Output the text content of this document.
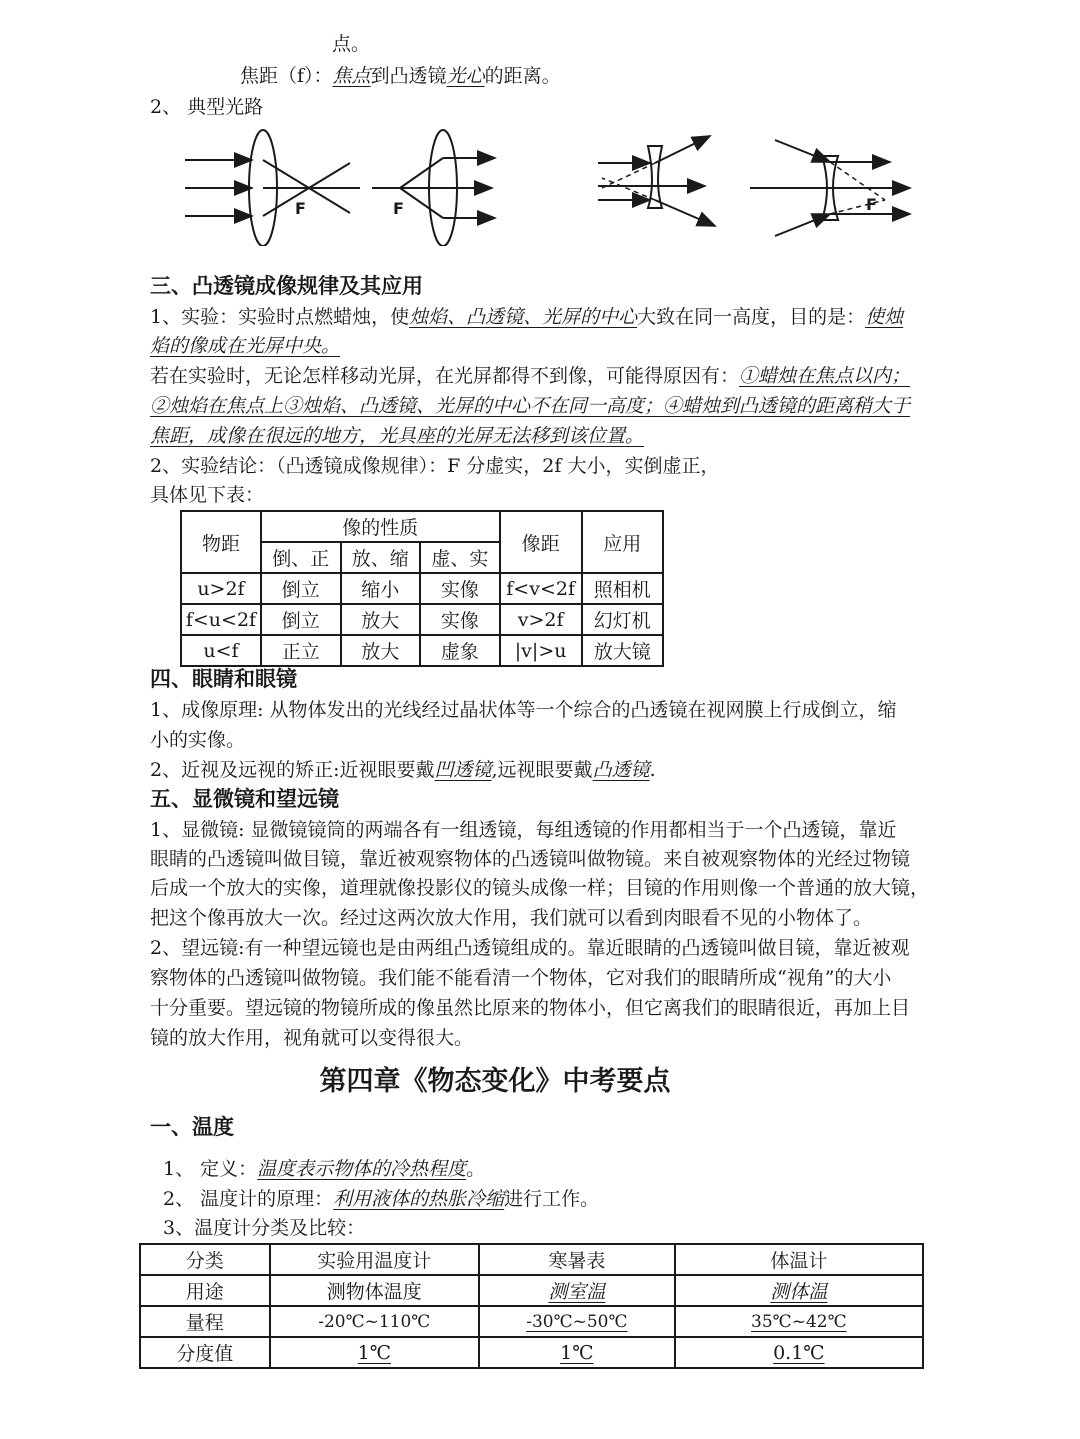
点。
焦距（f）：焦点到凸透镜光心的距离。
2、 典型光路
F	F	F
三、凸透镜成像规律及其应用
1、实验：实验时点燃蜡烛，使烛焰、凸透镜、光屏的中心大致在同一高度，目的是：使烛
焰的像成在光屏中央。
若在实验时，无论怎样移动光屏，在光屏都得不到像，可能得原因有：①蜡烛在焦点以内；
②烛焰在焦点上③烛焰、凸透镜、光屏的中心不在同一高度；④蜡烛到凸透镜的距离稍大于
焦距，成像在很远的地方，光具座的光屏无法移到该位置。
2、实验结论：（凸透镜成像规律）：F 分虚实，2f 大小，实倒虚正，
具体见下表：
物距	像的性质			像距	应用
	倒、正	放、缩	虚、实		
u>2f	倒立	缩小	实像	f<v<2f	照相机
f<u<2f	倒立	放大	实像	v>2f	幻灯机
u<f	正立	放大	虚象	|v|>u	放大镜
四、眼睛和眼镜
1、成像原理: 从物体发出的光线经过晶状体等一个综合的凸透镜在视网膜上行成倒立，缩
小的实像。
2、近视及远视的矫正:近视眼要戴凹透镜,远视眼要戴凸透镜.
五、显微镜和望远镜
1、显微镜: 显微镜镜筒的两端各有一组透镜，每组透镜的作用都相当于一个凸透镜，靠近
眼睛的凸透镜叫做目镜，靠近被观察物体的凸透镜叫做物镜。来自被观察物体的光经过物镜
后成一个放大的实像，道理就像投影仪的镜头成像一样；目镜的作用则像一个普通的放大镜，
把这个像再放大一次。经过这两次放大作用，我们就可以看到肉眼看不见的小物体了。
2、望远镜:有一种望远镜也是由两组凸透镜组成的。靠近眼睛的凸透镜叫做目镜，靠近被观
察物体的凸透镜叫做物镜。我们能不能看清一个物体，它对我们的眼睛所成“视角”的大小
十分重要。望远镜的物镜所成的像虽然比原来的物体小，但它离我们的眼睛很近，再加上目
镜的放大作用，视角就可以变得很大。
第四章《物态变化》中考要点
一、温度
1、 定义：温度表示物体的冷热程度。
2、 温度计的原理：利用液体的热胀冷缩进行工作。
3、温度计分类及比较：
分类	实验用温度计	寒暑表	体温计
用途	测物体温度	测室温	测体温
量程	-20℃~110℃	-30℃~50℃	35℃~42℃
分度值	1℃	1℃	0.1℃
